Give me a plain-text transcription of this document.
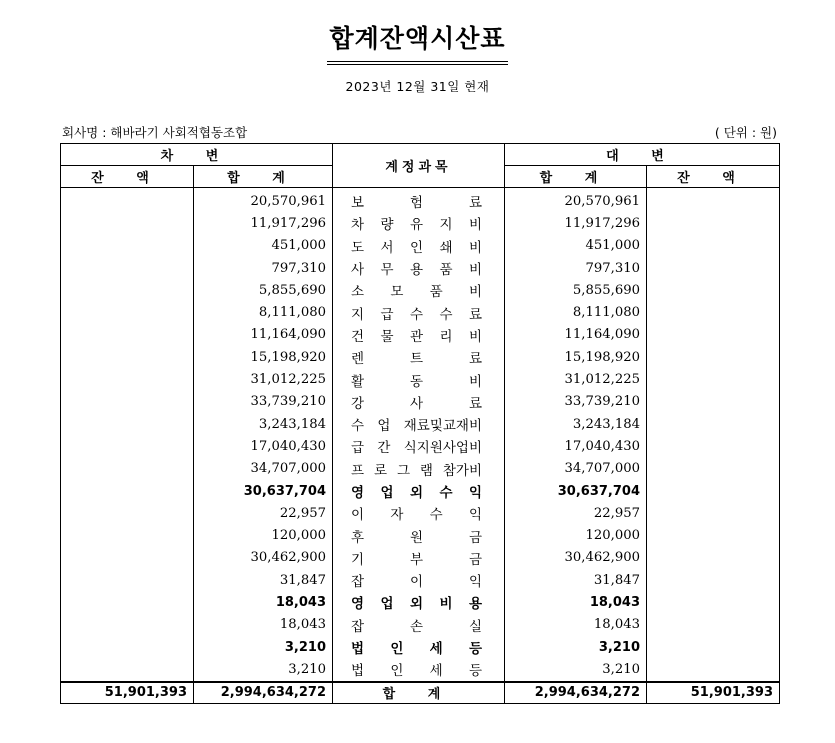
합계잔액시산표
2023년 12월 31일 현재
회사명 : 해바라기 사회적협동조합	( 단위 : 원)
차 변		계정과목	대 변	
잔 액	합 계		합 계	잔 액
	20,570,961	보 험 료	20,570,961	
	11,917,296	차 량 유 지 비	11,917,296	
	451,000	도 서 인 쇄 비	451,000	
	797,310	사 무 용 품 비	797,310	
	5,855,690	소 모 품 비	5,855,690	
	8,111,080	지 급 수 수 료	8,111,080	
	11,164,090	건 물 관 리 비	11,164,090	
	15,198,920	렌 트 료	15,198,920	
	31,012,225	활 동 비	31,012,225	
	33,739,210	강 사 료	33,739,210	
	3,243,184	수 업 재료및교재비	3,243,184	
	17,040,430	급 간 식지원사업비	17,040,430	
	34,707,000	프 로 그 램 참가비	34,707,000	
	30,637,704	영 업 외 수 익	30,637,704	
	22,957	이 자 수 익	22,957	
	120,000	후 원 금	120,000	
	30,462,900	기 부 금	30,462,900	
	31,847	잡 이 익	31,847	
	18,043	영 업 외 비 용	18,043	
	18,043	잡 손 실	18,043	
	3,210	법 인 세 등	3,210	
	3,210	법 인 세 등	3,210	
51,901,393	2,994,634,272	합 계	2,994,634,272	51,901,393
